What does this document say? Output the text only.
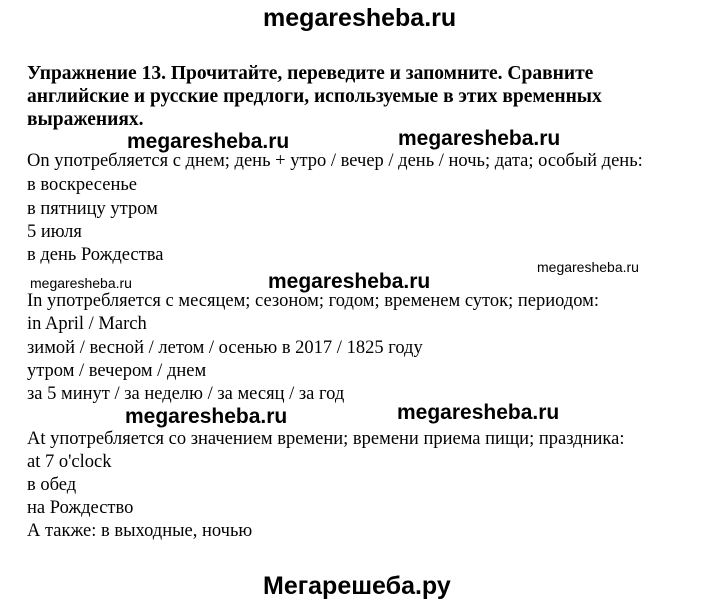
megaresheba.ru
Упражнение 13. Прочитайте, переведите и запомните. Сравните
английские и русские предлоги, используемые в этих временных
выражениях.
megaresheba.ru	megaresheba.ru
On употребляется с днем; день + утро / вечер / день / ночь; дата; особый день:
в воскресенье
в пятницу утром
5 июля
в день Рождества
megaresheba.ru	megaresheba.ru
megaresheba.ru
In употребляется с месяцем; сезоном; годом; временем суток; периодом:
in April / March
зимой / весной / летом / осенью в 2017 / 1825 году
утром / вечером / днем
за 5 минут / за неделю / за месяц / за год
megaresheba.ru	megaresheba.ru
At употребляется со значением времени; времени приема пищи; праздника:
at 7 o'clock
в обед
на Рождество
А также: в выходные, ночью
Мегарешеба.ру
